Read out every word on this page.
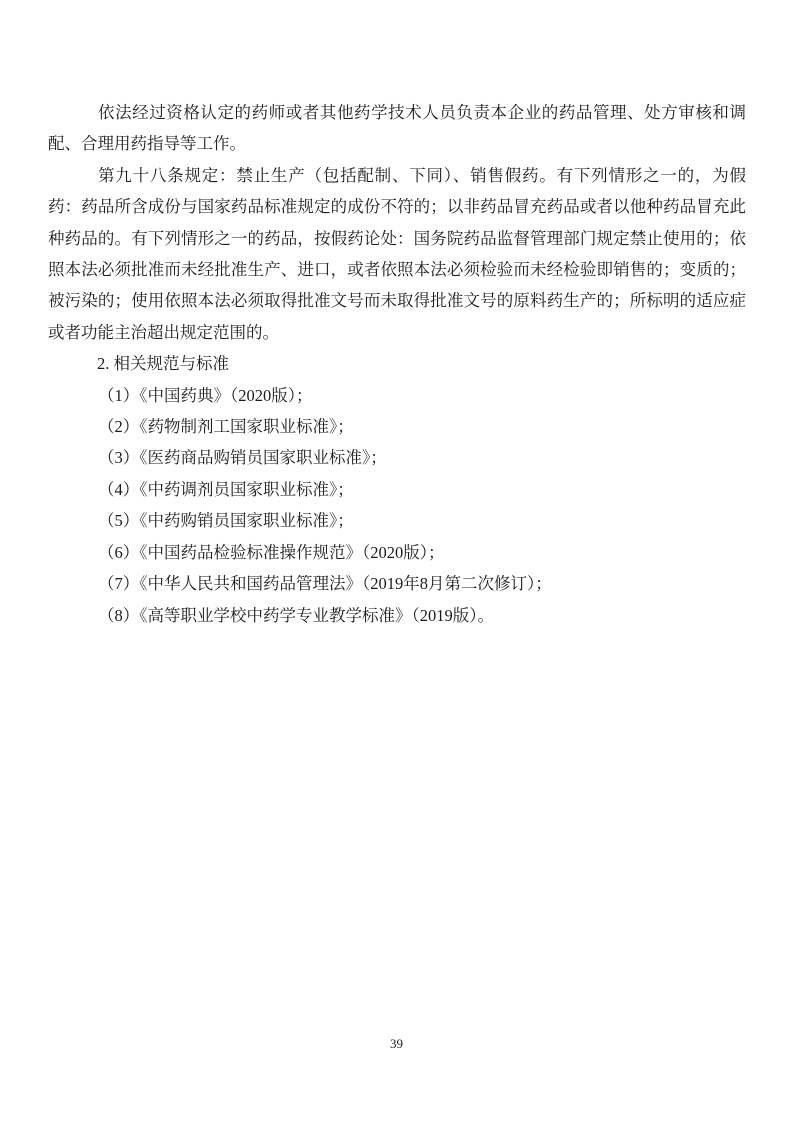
依法经过资格认定的药师或者其他药学技术人员负责本企业的药品管理、处方审核和调配、合理用药指导等工作。

第九十八条规定：禁止生产（包括配制、下同）、销售假药。有下列情形之一的，为假药：药品所含成份与国家药品标准规定的成份不符的；以非药品冒充药品或者以他种药品冒充此种药品的。有下列情形之一的药品，按假药论处：国务院药品监督管理部门规定禁止使用的；依照本法必须批准而未经批准生产、进口，或者依照本法必须检验而未经检验即销售的；变质的；被污染的；使用依照本法必须取得批准文号而未取得批准文号的原料药生产的；所标明的适应症或者功能主治超出规定范围的。

2. 相关规范与标准

（1）《中国药典》（2020版）；
（2）《药物制剂工国家职业标准》；
（3）《医药商品购销员国家职业标准》；
（4）《中药调剂员国家职业标准》；
（5）《中药购销员国家职业标准》；
（6）《中国药品检验标准操作规范》（2020版）；
（7）《中华人民共和国药品管理法》（2019年8月第二次修订）；
（8）《高等职业学校中药学专业教学标准》（2019版）。
39
